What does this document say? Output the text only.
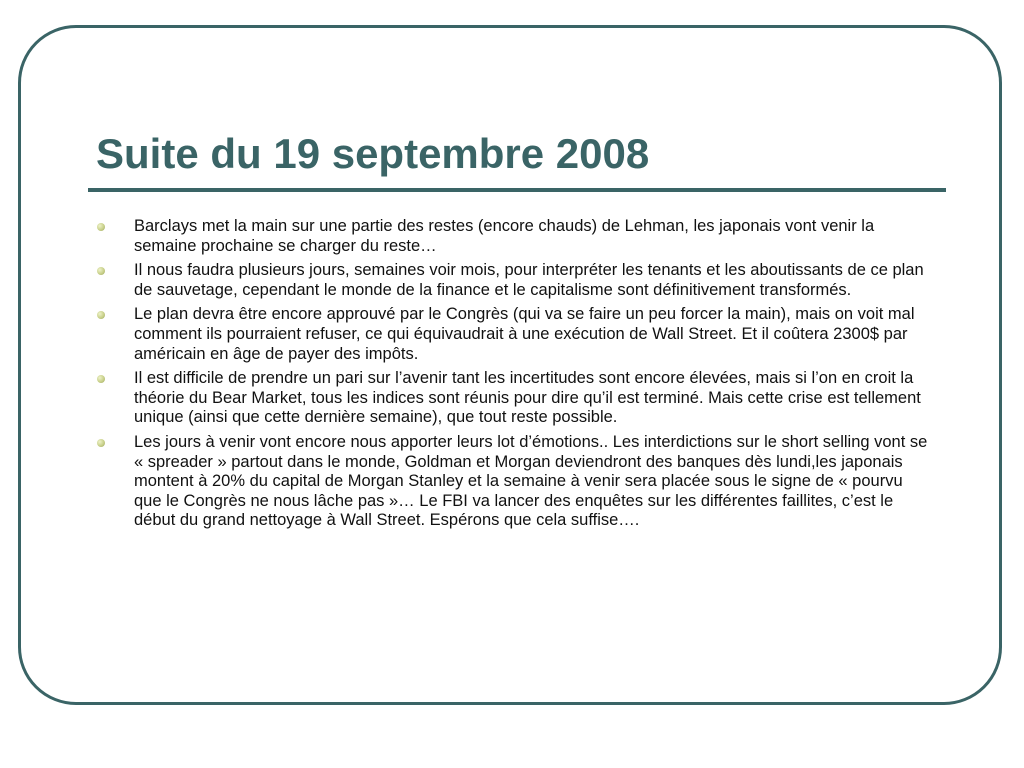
Suite du 19 septembre 2008
Barclays met la main sur une partie des restes (encore chauds) de Lehman, les japonais vont venir la semaine prochaine se charger du reste…
Il nous faudra plusieurs jours, semaines voir mois, pour interpréter les tenants et les aboutissants de ce plan de sauvetage, cependant le monde de la finance et le capitalisme sont définitivement transformés.
Le plan devra être encore approuvé par le Congrès (qui va se faire un peu forcer la main), mais on voit mal comment ils pourraient refuser, ce qui équivaudrait à une exécution de Wall Street. Et il coûtera 2300$ par américain en âge de payer des impôts.
Il est difficile de prendre un pari sur l’avenir tant les incertitudes sont encore élevées, mais si l’on en croit la théorie du Bear Market, tous les indices sont réunis pour dire qu’il est terminé. Mais cette crise est tellement unique (ainsi que cette dernière semaine), que tout reste possible.
Les jours à venir vont encore nous apporter leurs lot d’émotions.. Les interdictions sur le short selling vont se « spreader » partout dans le monde, Goldman et Morgan deviendront des banques dès lundi,les japonais montent à 20% du capital de Morgan Stanley et la semaine à venir sera placée sous le signe de « pourvu que le Congrès ne nous lâche pas »… Le FBI va lancer des enquêtes sur les différentes faillites, c’est le début du grand nettoyage à Wall Street. Espérons que cela suffise….
